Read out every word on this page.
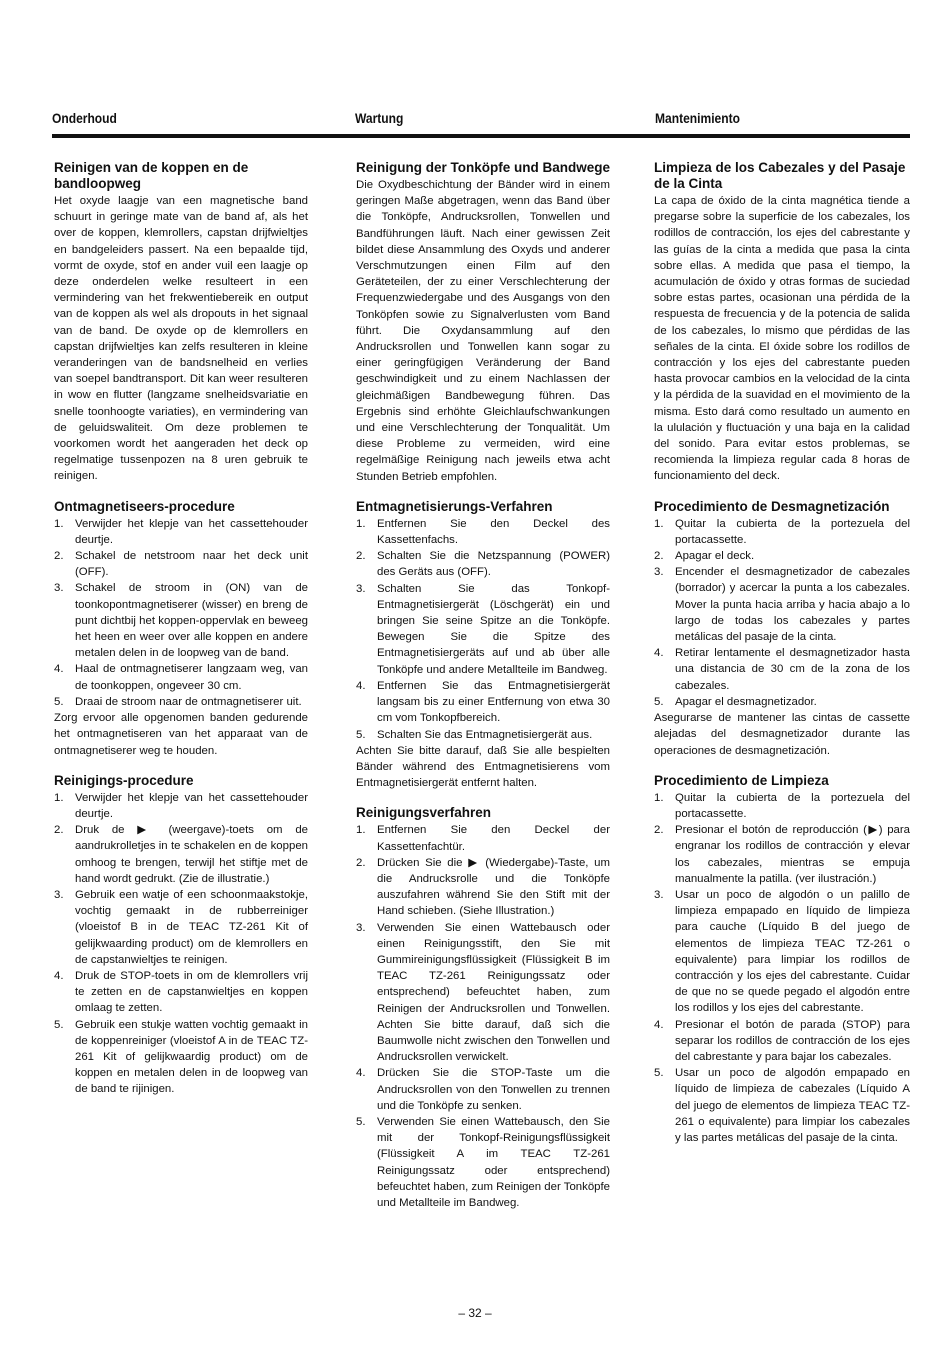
Onderhoud	Wartung	Mantenimiento
Reinigen van de koppen en de bandloopweg

Het oxyde laagje van een magnetische band schuurt in geringe mate van de band af, als het over de koppen, klemrollers, capstan drijfwieltjes en bandgeleiders passert. Na een bepaalde tijd, vormt de oxyde, stof en ander vuil een laagje op deze onderdelen welke resulteert in een vermindering van het frekwentiebereik en output van de koppen als wel als dropouts in het signaal van de band. De oxyde op de klemrollers en capstan drijfwieltjes kan zelfs resulteren in kleine veranderingen van de bandsnelheid en verlies van soepel bandtransport. Dit kan weer resulteren in wow en flutter (langzame snelheidsvariatie en snelle toonhoogte variaties), en vermindering van de geluidswaliteit. Om deze problemen te voorkomen wordt het aangeraden het deck op regelmatige tussenpozen na 8 uren gebruik te reinigen.

Ontmagnetiseers-procedure
1. Verwijder het klepje van het cassettehouder deurtje.
2. Schakel de netstroom naar het deck unit (OFF).
3. Schakel de stroom in (ON) van de toonkopontmagnetiserer (wisser) en breng de punt dichtbij het koppen-oppervlak en beweeg het heen en weer over alle koppen en andere metalen delen in de loopweg van de band.
4. Haal de ontmagnetiserer langzaam weg, van de toonkoppen, ongeveer 30 cm.
5. Draai de stroom naar de ontmagnetiserer uit.

Zorg ervoor alle opgenomen banden gedurende het ontmagnetiseren van het apparaat van de ontmagnetiserer weg te houden.

Reinigings-procedure
1. Verwijder het klepje van het cassettehouder deurtje.
2. Druk de ▶ (weergave)-toets om de aandrukrolletjes in te schakelen en de koppen omhoog te brengen, terwijl het stiftje met de hand wordt gedrukt. (Zie de illustratie.)
3. Gebruik een watje of een schoonmaakstokje, vochtig gemaakt in de rubberreiniger (vloeistof B in de TEAC TZ-261 Kit of gelijkwaarding product) om de klemrollers en de capstanwieltjes te reinigen.
4. Druk de STOP-toets in om de klemrollers vrij te zetten en de capstanwieltjes en koppen omlaag te zetten.
5. Gebruik een stukje watten vochtig gemaakt in de koppenreiniger (vloeistof A in de TEAC TZ-261 Kit of gelijkwaardig product) om de koppen en metalen delen in de loopweg van de band te rijinigen.
Reinigung der Tonköpfe und Bandwege

Die Oxydbeschichtung der Bänder wird in einem geringen Maße abgetragen, wenn das Band über die Tonköpfe, Andrucksrollen, Tonwellen und Bandführungen läuft. Nach einer gewissen Zeit bildet diese Ansammlung des Oxyds und anderer Verschmutzungen einen Film auf den Geräteteilen, der zu einer Verschlechterung der Frequenzwiedergabe und des Ausgangs von den Tonköpfen sowie zu Signalverlusten vom Band führt. Die Oxydansammlung auf den Andrucksrollen und Tonwellen kann sogar zu einer geringfügigen Veränderung der Band geschwindigkeit und zu einem Nachlassen der gleichmäßigen Bandbewegung führen. Das Ergebnis sind erhöhte Gleichlaufschwankungen und eine Verschlechterung der Tonqualität. Um diese Probleme zu vermeiden, wird eine regelmäßige Reinigung nach jeweils etwa acht Stunden Betrieb empfohlen.

Entmagnetisierungs-Verfahren
1. Entfernen Sie den Deckel des Kassettenfachs.
2. Schalten Sie die Netzspannung (POWER) des Geräts aus (OFF).
3. Schalten Sie das Tonkopf-Entmagnetisiergerät (Löschgerät) ein und bringen Sie seine Spitze an die Tonköpfe. Bewegen Sie die Spitze des Entmagnetisiergeräts auf und ab über alle Tonköpfe und andere Metallteile im Bandweg.
4. Entfernen Sie das Entmagnetisiergerät langsam bis zu einer Entfernung von etwa 30 cm vom Tonkopfbereich.
5. Schalten Sie das Entmagnetisiergerät aus.

Achten Sie bitte darauf, daß Sie alle bespielten Bänder während des Entmagnetisierens vom Entmagnetisiergerät entfernt halten.

Reinigungsverfahren
1. Entfernen Sie den Deckel der Kassettenfachtür.
2. Drücken Sie die ▶ (Wiedergabe)-Taste, um die Andrucksrolle und die Tonköpfe auszufahren während Sie den Stift mit der Hand schieben. (Siehe Illustration.)
3. Verwenden Sie einen Wattebausch oder einen Reinigungsstift, den Sie mit Gummireinigungsflüssigkeit (Flüssigkeit B im TEAC TZ-261 Reinigungssatz oder entsprechend) befeuchtet haben, zum Reinigen der Andrucksrollen und Tonwellen. Achten Sie bitte darauf, daß sich die Baumwolle nicht zwischen den Tonwellen und Andrucksrollen verwickelt.
4. Drücken Sie die STOP-Taste um die Andrucksrollen von den Tonwellen zu trennen und die Tonköpfe zu senken.
5. Verwenden Sie einen Wattebausch, den Sie mit der Tonkopf-Reinigungsflüssigkeit (Flüssigkeit A im TEAC TZ-261 Reinigungssatz oder entsprechend) befeuchtet haben, zum Reinigen der Tonköpfe und Metallteile im Bandweg.
Limpieza de los Cabezales y del Pasaje de la Cinta

La capa de óxido de la cinta magnética tiende a pregarse sobre la superficie de los cabezales, los rodillos de contracción, los ejes del cabrestante y las guías de la cinta a medida que pasa la cinta sobre ellas. A medida que pasa el tiempo, la acumulación de óxido y otras formas de suciedad sobre estas partes, ocasionan una pérdida de la respuesta de frecuencia y de la potencia de salida de los cabezales, lo mismo que pérdidas de las señales de la cinta. El óxide sobre los rodillos de contracción y los ejes del cabrestante pueden hasta provocar cambios en la velocidad de la cinta y la pérdida de la suavidad en el movimiento de la misma. Esto dará como resultado un aumento en la ululación y fluctuación y una baja en la calidad del sonido. Para evitar estos problemas, se recomienda la limpieza regular cada 8 horas de funcionamiento del deck.

Procedimiento de Desmagnetización
1. Quitar la cubierta de la portezuela del portacassette.
2. Apagar el deck.
3. Encender el desmagnetizador de cabezales (borrador) y acercar la punta a los cabezales. Mover la punta hacia arriba y hacia abajo a lo largo de todas los cabezales y partes metálicas del pasaje de la cinta.
4. Retirar lentamente el desmagnetizador hasta una distancia de 30 cm de la zona de los cabezales.
5. Apagar el desmagnetizador.

Asegurarse de mantener las cintas de cassette alejadas del desmagnetizador durante las operaciones de desmagnetización.

Procedimiento de Limpieza
1. Quitar la cubierta de la portezuela del portacassette.
2. Presionar el botón de reproducción (▶) para engranar los rodillos de contracción y elevar los cabezales, mientras se empuja manualmente la patilla. (ver ilustración.)
3. Usar un poco de algodón o un palillo de limpieza empapado en líquido de limpieza para cauche (Líquido B del juego de elementos de limpieza TEAC TZ-261 o equivalente) para limpiar los rodillos de contracción y los ejes del cabrestante. Cuidar de que no se quede pegado el algodón entre los rodillos y los ejes del cabrestante.
4. Presionar el botón de parada (STOP) para separar los rodillos de contracción de los ejes del cabrestante y para bajar los cabezales.
5. Usar un poco de algodón empapado en líquido de limpieza de cabezales (Líquido A del juego de elementos de limpieza TEAC TZ-261 o equivalente) para limpiar los cabezales y las partes metálicas del pasaje de la cinta.
– 32 –
